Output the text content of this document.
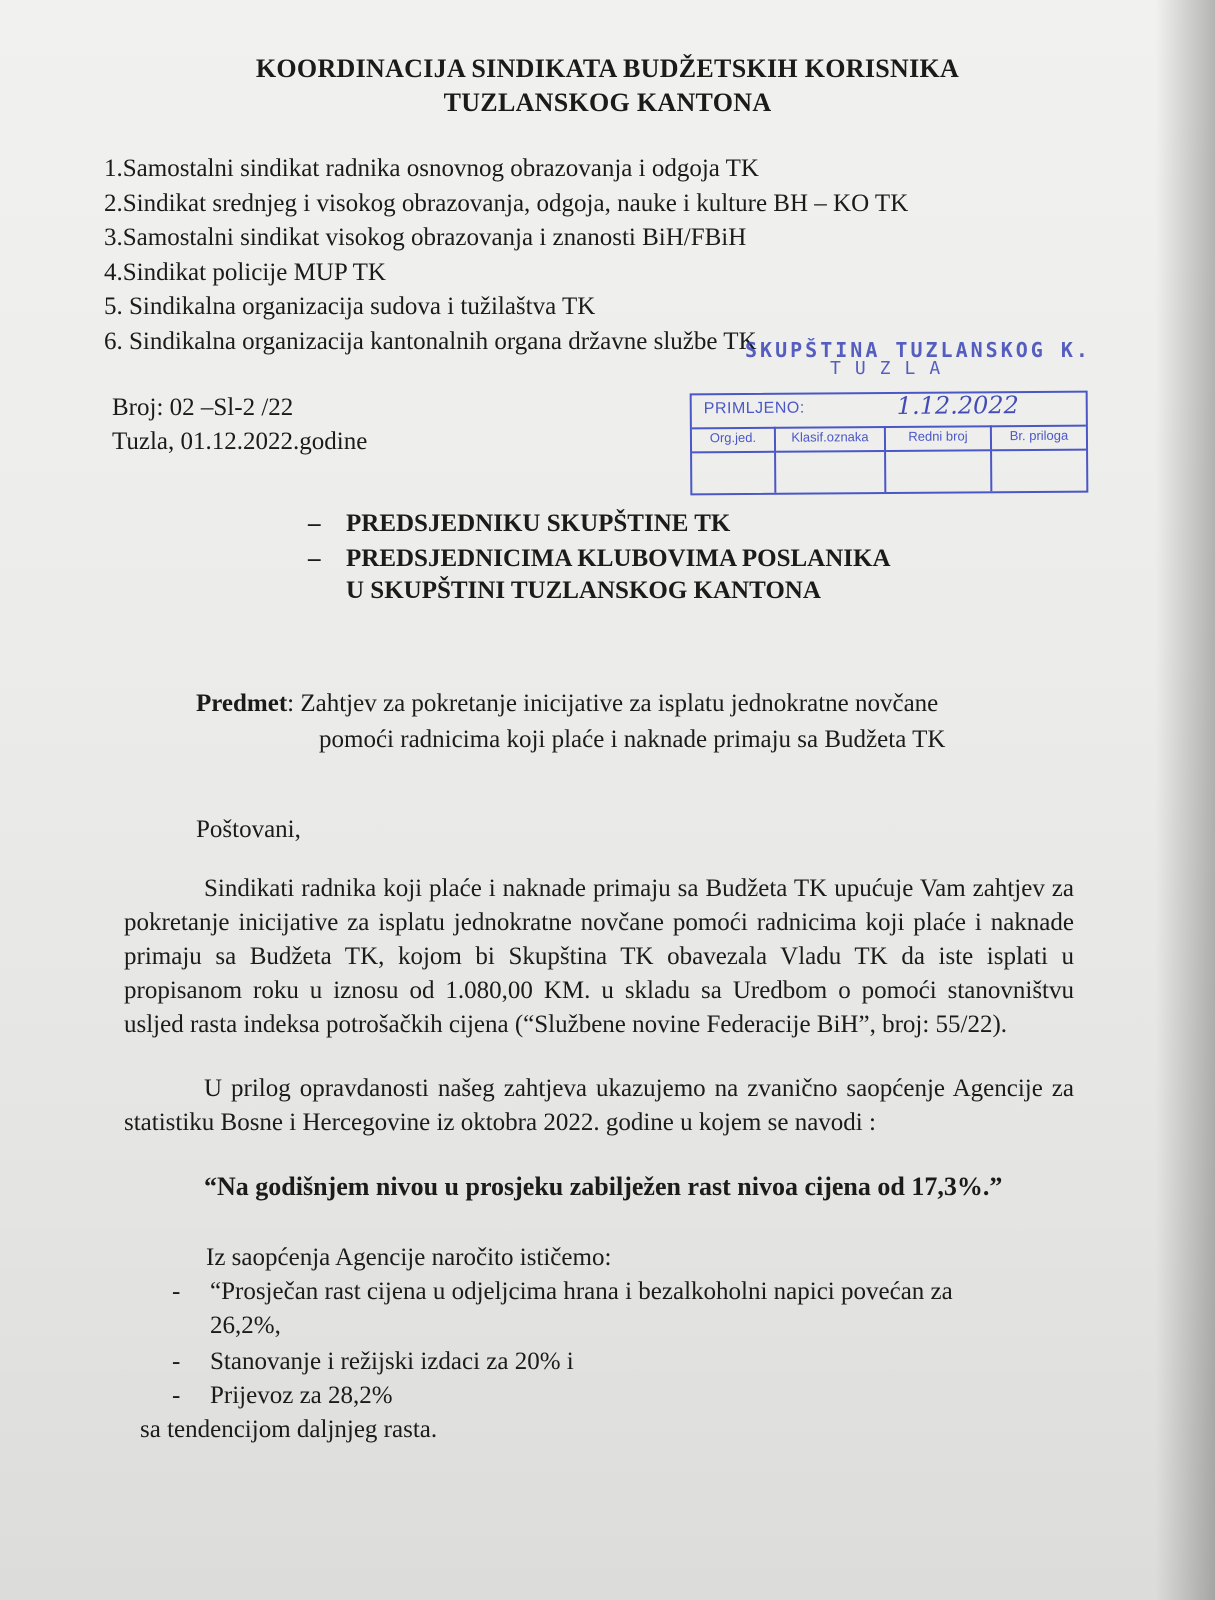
KOORDINACIJA SINDIKATA BUDŽETSKIH KORISNIKA
TUZLANSKOG KANTONA
1.Samostalni sindikat radnika osnovnog obrazovanja i odgoja TK
2.Sindikat srednjeg i visokog obrazovanja, odgoja, nauke i kulture BH – KO TK
3.Samostalni sindikat visokog obrazovanja i znanosti BiH/FBiH
4.Sindikat policije MUP TK
5. Sindikalna organizacija sudova i tužilaštva TK
6. Sindikalna organizacija kantonalnih organa državne službe TK
SKUPŠTINA TUZLANSKOG K.
TUZLA
Broj: 02 –Sl-2 /22
Tuzla, 01.12.2022.godine
PRIMLJENO:	1.12.2022
Org.jed.	Klasif.oznaka	Redni broj	Br. priloga
– PREDSJEDNIKU SKUPŠTINE TK
– PREDSJEDNICIMA KLUBOVIMA POSLANIKA
U SKUPŠTINI TUZLANSKOG KANTONA
Predmet: Zahtjev za pokretanje inicijative za isplatu jednokratne novčane
pomoći radnicima koji plaće i naknade primaju sa Budžeta TK
Poštovani,
Sindikati radnika koji plaće i naknade primaju sa Budžeta TK upućuje Vam zahtjev za pokretanje inicijative za isplatu jednokratne novčane pomoći radnicima koji plaće i naknade primaju sa Budžeta TK, kojom bi Skupština TK obavezala Vladu TK da iste isplati u propisanom roku u iznosu od 1.080,00 KM. u skladu sa Uredbom o pomoći stanovništvu usljed rasta indeksa potrošačkih cijena (“Službene novine Federacije BiH”, broj: 55/22).
U prilog opravdanosti našeg zahtjeva ukazujemo na zvanično saopćenje Agencije za statistiku Bosne i Hercegovine iz oktobra 2022. godine u kojem se navodi :
“Na godišnjem nivou u prosjeku zabilježen rast nivoa cijena od 17,3%.”
Iz saopćenja Agencije naročito ističemo:
- “Prosječan rast cijena u odjeljcima hrana i bezalkoholni napici povećan za
26,2%,
- Stanovanje i režijski izdaci za 20% i
- Prijevoz za 28,2%
sa tendencijom daljnjeg rasta.
